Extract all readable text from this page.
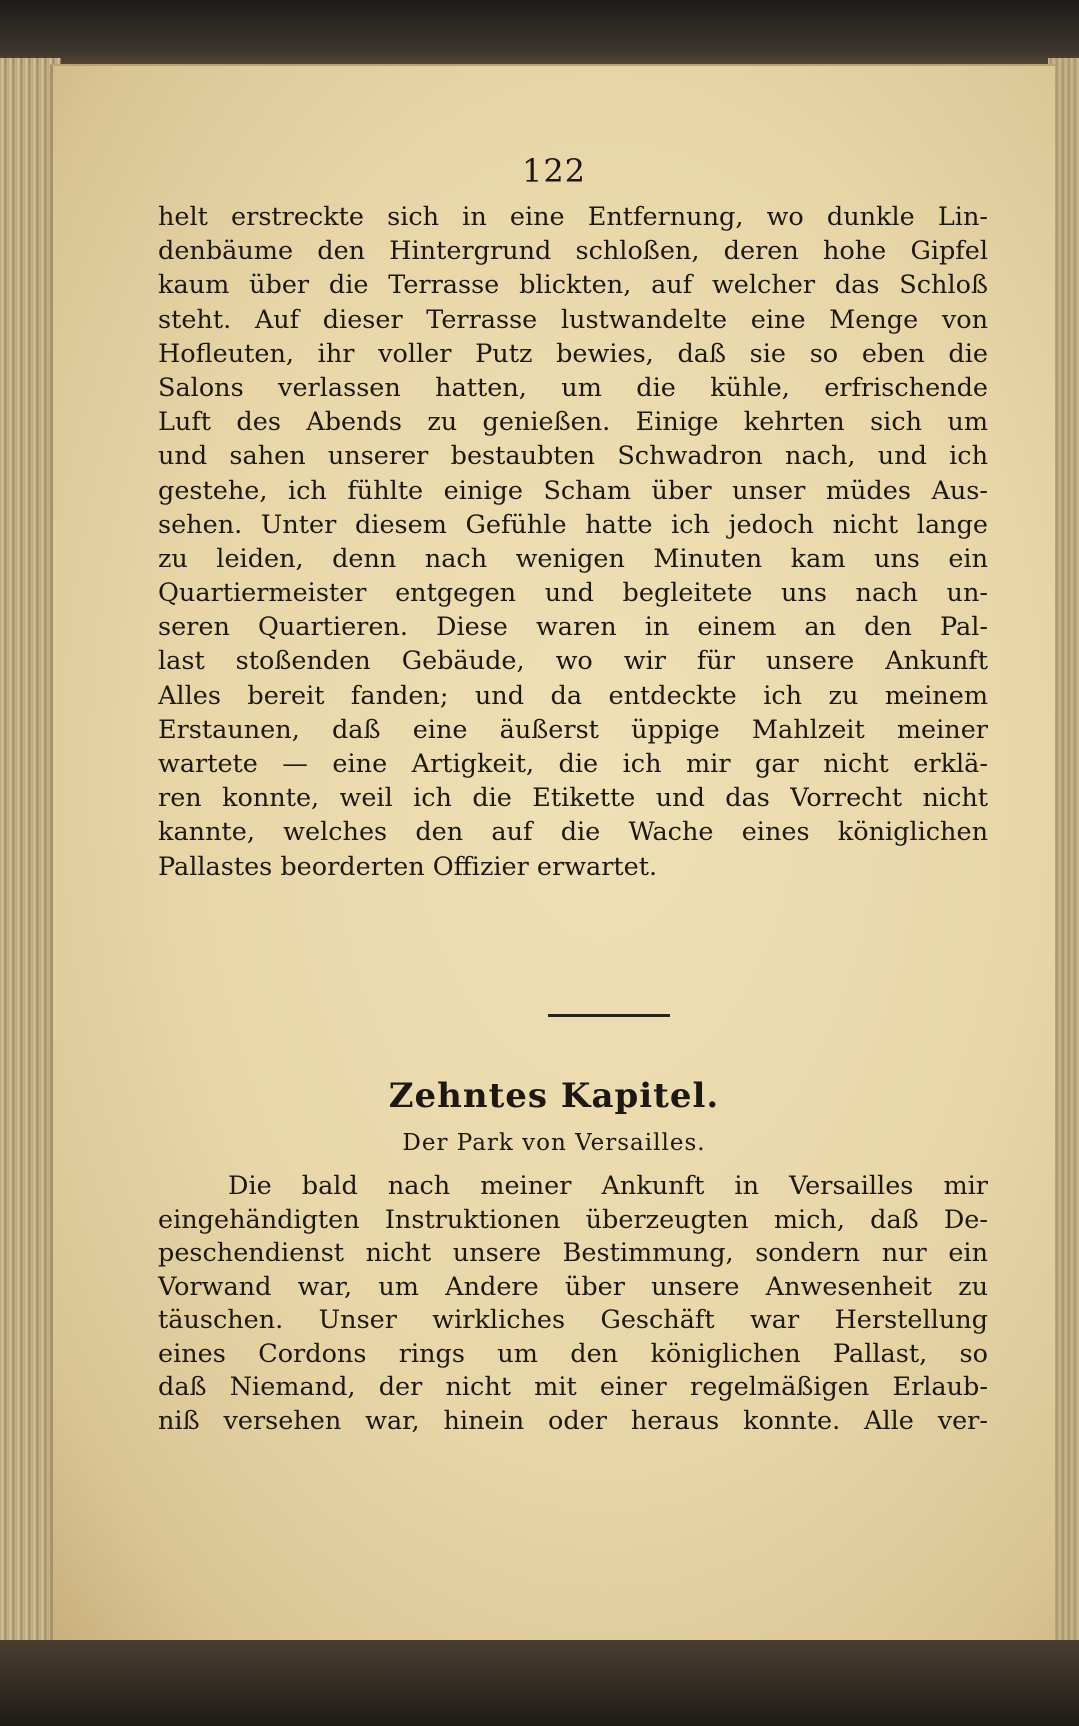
122
helt erstreckte sich in eine Entfernung, wo dunkle Lin-
denbäume den Hintergrund schloßen, deren hohe Gipfel
kaum über die Terrasse blickten, auf welcher das Schloß
steht. Auf dieser Terrasse lustwandelte eine Menge von
Hofleuten, ihr voller Putz bewies, daß sie so eben die
Salons verlassen hatten, um die kühle, erfrischende
Luft des Abends zu genießen. Einige kehrten sich um
und sahen unserer bestaubten Schwadron nach, und ich
gestehe, ich fühlte einige Scham über unser müdes Aus-
sehen. Unter diesem Gefühle hatte ich jedoch nicht lange
zu leiden, denn nach wenigen Minuten kam uns ein
Quartiermeister entgegen und begleitete uns nach un-
seren Quartieren. Diese waren in einem an den Pal-
last stoßenden Gebäude, wo wir für unsere Ankunft
Alles bereit fanden; und da entdeckte ich zu meinem
Erstaunen, daß eine äußerst üppige Mahlzeit meiner
wartete — eine Artigkeit, die ich mir gar nicht erklä-
ren konnte, weil ich die Etikette und das Vorrecht nicht
kannte, welches den auf die Wache eines königlichen
Pallastes beorderten Offizier erwartet.
Zehntes Kapitel.
Der Park von Versailles.
Die bald nach meiner Ankunft in Versailles mir
eingehändigten Instruktionen überzeugten mich, daß De-
peschendienst nicht unsere Bestimmung, sondern nur ein
Vorwand war, um Andere über unsere Anwesenheit zu
täuschen. Unser wirkliches Geschäft war Herstellung
eines Cordons rings um den königlichen Pallast, so
daß Niemand, der nicht mit einer regelmäßigen Erlaub-
niß versehen war, hinein oder heraus konnte. Alle ver-
